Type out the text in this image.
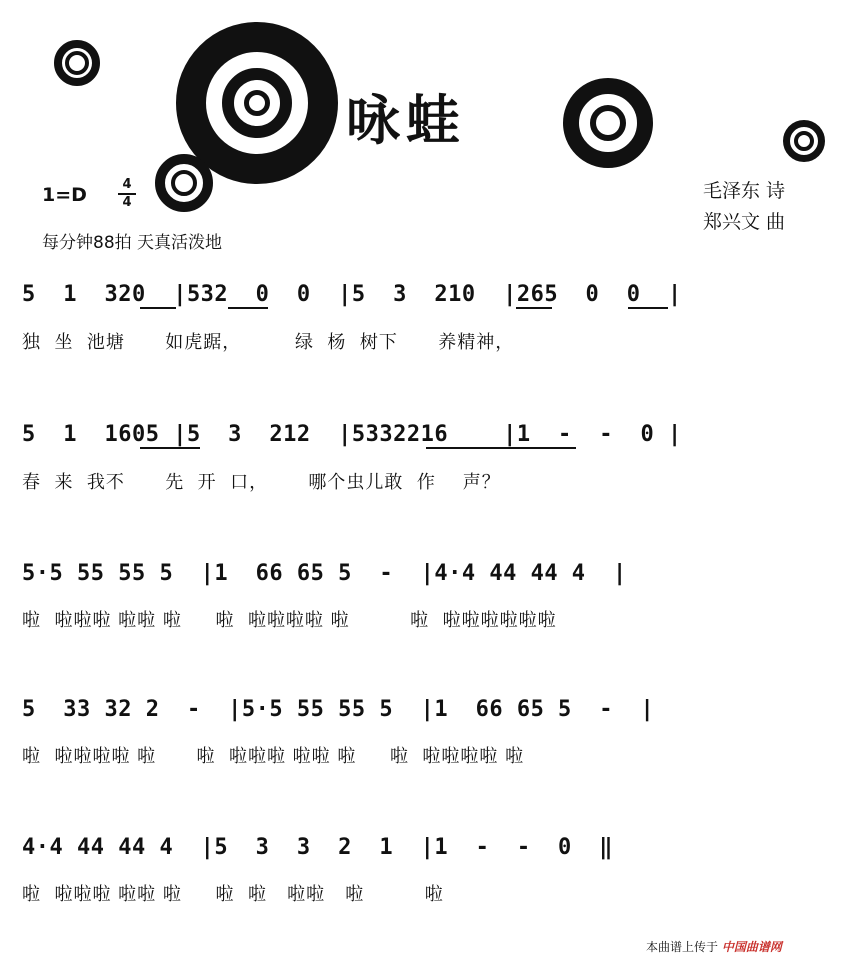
咏蛙
1=D	4
4
每分钟88拍 天真活泼地
毛泽东 诗
郑兴文 曲
5  1  320  |532  0  0  |5  3  210  |265  0  0  |
独  坐  池塘      如虎踞，        绿  杨  树下      养精神，
5  1  1605 |5  3  212  |5332216    |1  -  -  0 |
春  来  我不      先  开  口，      哪个虫儿敢  作    声？
5·5 55 55 5  |1  66 65 5  -  |4·4 44 44 4  |
啦  啦啦啦 啦啦 啦     啦  啦啦啦啦 啦         啦  啦啦啦啦啦啦
5  33 32 2  -  |5·5 55 55 5  |1  66 65 5  -  |
啦  啦啦啦啦 啦      啦  啦啦啦 啦啦 啦     啦  啦啦啦啦 啦
4·4 44 44 4  |5  3  3  2  1  |1  -  -  0  ‖
啦  啦啦啦 啦啦 啦     啦  啦   啦啦   啦         啦
本曲谱上传于 中国曲谱网
